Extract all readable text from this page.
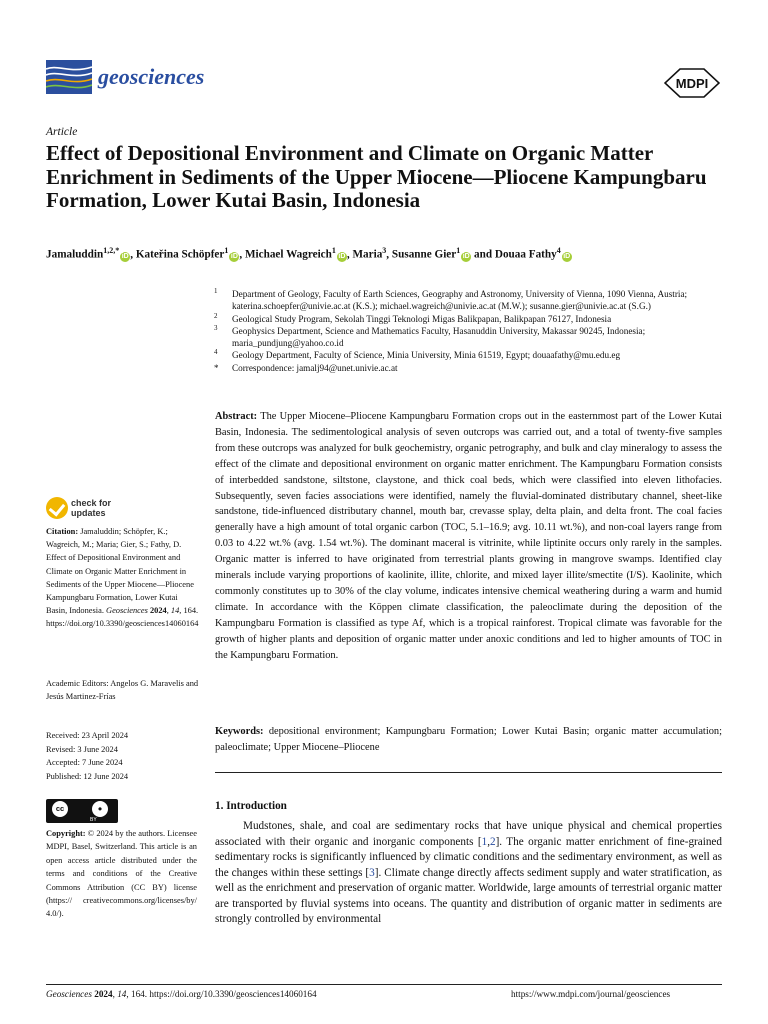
geosciences	MDPI
Article
Effect of Depositional Environment and Climate on Organic Matter Enrichment in Sediments of the Upper Miocene—Pliocene Kampungbaru Formation, Lower Kutai Basin, Indonesia
Jamaluddin$^{1,2,*}$iD , Kateřina Schöpfer$^1$iD , Michael Wagreich$^1$iD , Maria$^3$, Susanne Gier$^1$iD and Douaa Fathy$^4$iD
1 Department of Geology, Faculty of Earth Sciences, Geography and Astronomy, University of Vienna, 1090 Vienna, Austria; katerina.schoepfer@univie.ac.at (K.S.); michael.wagreich@univie.ac.at (M.W.); susanne.gier@univie.ac.at (S.G.)
2 Geological Study Program, Sekolah Tinggi Teknologi Migas Balikpapan, Balikpapan 76127, Indonesia
3 Geophysics Department, Science and Mathematics Faculty, Hasanuddin University, Makassar 90245, Indonesia; maria_pundjung@yahoo.co.id
4 Geology Department, Faculty of Science, Minia University, Minia 61519, Egypt; douaafathy@mu.edu.eg
* Correspondence: jamalj94@unet.univie.ac.at

Abstract: The Upper Miocene–Pliocene Kampungbaru Formation crops out in the easternmost part of the Lower Kutai Basin, Indonesia. The sedimentological analysis of seven outcrops was carried out, and a total of twenty-five samples from these outcrops was analyzed for bulk geochemistry, organic petrography, and bulk and clay mineralogy to assess the effect of the climate and depositional environment on organic matter enrichment. The Kampungbaru Formation consists of interbedded sandstone, siltstone, claystone, and thick coal beds, which were classified into eleven lithofacies. Subsequently, seven facies associations were identified, namely the fluvial-dominated distributary channel, sheet-like sandstone, tide-influenced distributary channel, mouth bar, crevasse splay, delta plain, and delta front. The coal facies generally have a high amount of total organic carbon (TOC, 5.1–16.9; avg. 10.11 wt.%), and non-coal layers range from 0.03 to 4.22 wt.% (avg. 1.54 wt.%). The dominant maceral is vitrinite, while liptinite occurs only rarely in the samples. Organic matter is inferred to have originated from terrestrial plants growing in mangrove swamps. Identified clay minerals include varying proportions of kaolinite, illite, chlorite, and mixed layer illite/smectite (I/S). Kaolinite, which commonly constitutes up to 30% of the clay volume, indicates intensive chemical weathering during a warm and humid climate. In accordance with the Köppen climate classification, the paleoclimate during the deposition of the Kampungbaru Formation is classified as type Af, which is a tropical rainforest. Tropical climate was favorable for the growth of higher plants and deposition of organic matter under anoxic conditions and led to higher amounts of TOC in the Kampungbaru Formation.

Keywords: depositional environment; Kampungbaru Formation; Lower Kutai Basin; organic matter accumulation; paleoclimate; Upper Miocene–Pliocene

check for
updates
Citation: Jamaluddin; Schöpfer, K.; Wagreich, M.; Maria; Gier, S.; Fathy, D. Effect of Depositional Environment and Climate on Organic Matter Enrichment in Sediments of the Upper Miocene—Pliocene Kampungbaru Formation, Lower Kutai Basin, Indonesia. Geosciences 2024, 14, 164. https://doi.org/10.3390/geosciences14060164
Academic Editors: Angelos G. Maravelis and Jesús Martinez-Frías
Received: 23 April 2024
Revised: 3 June 2024
Accepted: 7 June 2024
Published: 12 June 2024
cc	●
BY

Copyright: © 2024 by the authors. Licensee MDPI, Basel, Switzerland. This article is an open access article distributed under the terms and conditions of the Creative Commons Attribution (CC BY) license (https:// creativecommons.org/licenses/by/ 4.0/).

1. Introduction

Mudstones, shale, and coal are sedimentary rocks that have unique physical and chemical properties associated with their organic and inorganic components [1,2]. The organic matter enrichment of fine-grained sedimentary rocks is significantly influenced by climatic conditions and the sedimentary environment, as well as the changes within these settings [3]. Climate change directly affects sediment supply and water stratification, as well as the enrichment and preservation of organic matter. Worldwide, large amounts of terrestrial organic matter are transported by fluvial systems into oceans. The quantity and distribution of organic matter in sediments are strongly controlled by environmental

Geosciences 2024, 14, 164. https://doi.org/10.3390/geosciences14060164	https://www.mdpi.com/journal/geosciences
